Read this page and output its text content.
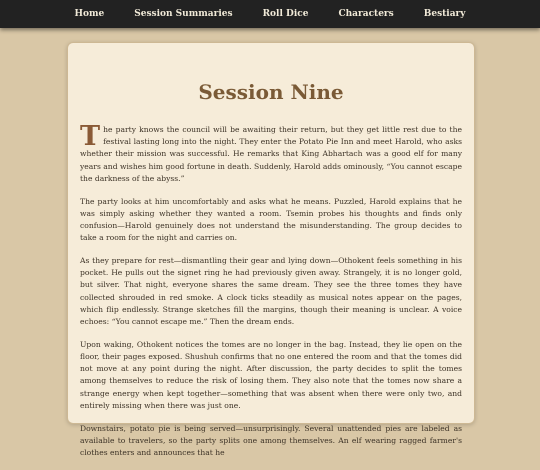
Home	Session Summaries	Roll Dice	Characters	Bestiary
Session Nine

The party knows the council will be awaiting their return, but they get little rest due to the festival lasting long into the night. They enter the Potato Pie Inn and meet Harold, who asks whether their mission was successful. He remarks that King Abhartach was a good elf for many years and wishes him good fortune in death. Suddenly, Harold adds ominously, “You cannot escape the darkness of the abyss.”

The party looks at him uncomfortably and asks what he means. Puzzled, Harold explains that he was simply asking whether they wanted a room. Tsemin probes his thoughts and finds only confusion—Harold genuinely does not understand the misunderstanding. The group decides to take a room for the night and carries on.

As they prepare for rest—dismantling their gear and lying down—Othokent feels something in his pocket. He pulls out the signet ring he had previously given away. Strangely, it is no longer gold, but silver. That night, everyone shares the same dream. They see the three tomes they have collected shrouded in red smoke. A clock ticks steadily as musical notes appear on the pages, which flip endlessly. Strange sketches fill the margins, though their meaning is unclear. A voice echoes: “You cannot escape me.” Then the dream ends.

Upon waking, Othokent notices the tomes are no longer in the bag. Instead, they lie open on the floor, their pages exposed. Shushuh confirms that no one entered the room and that the tomes did not move at any point during the night. After discussion, the party decides to split the tomes among themselves to reduce the risk of losing them. They also note that the tomes now share a strange energy when kept together—something that was absent when there were only two, and entirely missing when there was just one.

Downstairs, potato pie is being served—unsurprisingly. Several unattended pies are labeled as available to travelers, so the party splits one among themselves. An elf wearing ragged farmer's clothes enters and announces that he
